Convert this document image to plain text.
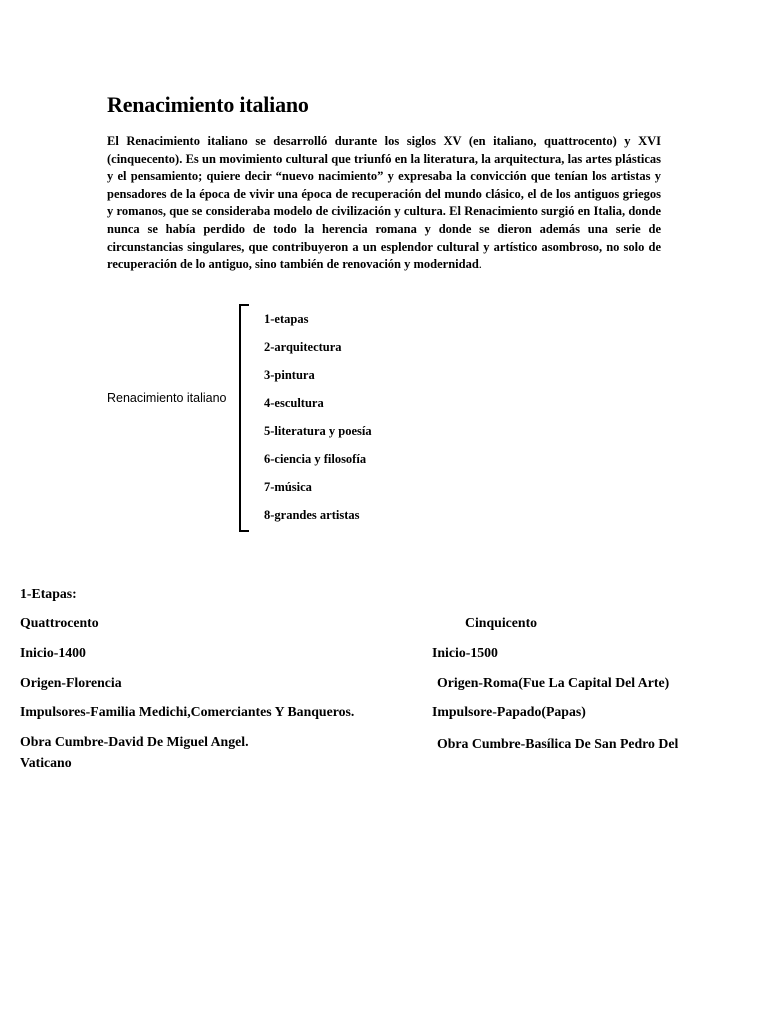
Renacimiento italiano

El Renacimiento italiano se desarrolló durante los siglos XV (en italiano, quattrocento) y XVI (cinquecento). Es un movimiento cultural que triunfó en la literatura, la arquitectura, las artes plásticas y el pensamiento; quiere decir “nuevo nacimiento” y expresaba la convicción que tenían los artistas y pensadores de la época de vivir una época de recuperación del mundo clásico, el de los antiguos griegos y romanos, que se consideraba modelo de civilización y cultura. El Renacimiento surgió en Italia, donde nunca se había perdido de todo la herencia romana y donde se dieron además una serie de circunstancias singulares, que contribuyeron a un esplendor cultural y artístico asombroso, no solo de recuperación de lo antiguo, sino también de renovación y modernidad.

Renacimiento italiano
1-etapas
2-arquitectura
3-pintura
4-escultura
5-literatura y poesía
6-ciencia y filosofía
7-música
8-grandes artistas
1-Etapas:
Quattrocento	Cinquicento
Inicio-1400	Inicio-1500
Origen-Florencia	Origen-Roma(Fue La Capital Del Arte)
Impulsores-Familia Medichi,Comerciantes Y Banqueros.	Impulsore-Papado(Papas)
Obra Cumbre-David De Miguel Angel.	Obra Cumbre-Basílica De San Pedro Del Vaticano
